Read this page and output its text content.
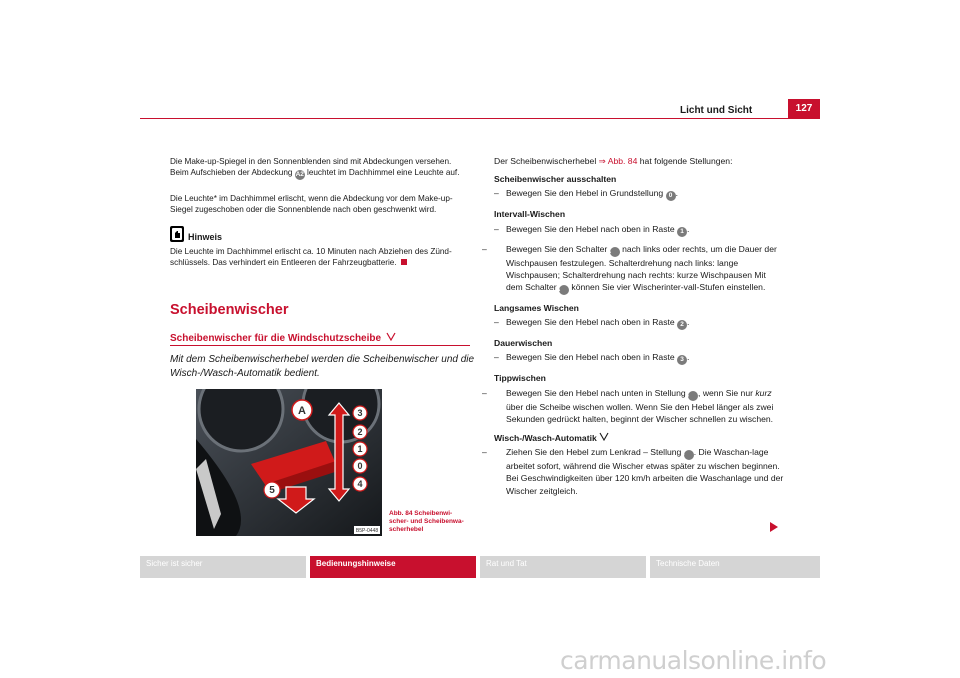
Licht und Sicht	127
Die Make-up-Spiegel in den Sonnenblenden sind mit Abdeckungen versehen. Beim Aufschieben der Abdeckung A2 leuchtet im Dachhimmel eine Leuchte auf.
Die Leuchte* im Dachhimmel erlischt, wenn die Abdeckung vor dem Make-up-Siegel zugeschoben oder die Sonnenblende nach oben geschwenkt wird.
Hinweis
Die Leuchte im Dachhimmel erlischt ca. 10 Minuten nach Abziehen des Zünd-schlüssels. Das verhindert ein Entleeren der Fahrzeugbatterie.
Scheibenwischer
Scheibenwischer für die Windschutzscheibe
Mit dem Scheibenwischerhebel werden die Scheibenwischer und die Wisch-/Wasch-Automatik bedient.
A	3
2
1
0
4
5
B5P-0448
Abb. 84 Scheibenwi-
scher- und Scheibenwa-
scherhebel
Der Scheibenwischerhebel ⇒ Abb. 84 hat folgende Stellungen:
Scheibenwischer ausschalten
– Bewegen Sie den Hebel in Grundstellung 0 .
Intervall-Wischen
– Bewegen Sie den Hebel nach oben in Raste 1 .
– Bewegen Sie den Schalter A nach links oder rechts, um die Dauer der Wischpausen festzulegen. Schalterdrehung nach links: lange Wischpausen; Schalterdrehung nach rechts: kurze Wischpausen Mit dem Schalter A können Sie vier Wischerinter-vall-Stufen einstellen.
Langsames Wischen
– Bewegen Sie den Hebel nach oben in Raste 2 .
Dauerwischen
– Bewegen Sie den Hebel nach oben in Raste 3 .
Tippwischen
– Bewegen Sie den Hebel nach unten in Stellung 4 , wenn Sie nur kurz über die Scheibe wischen wollen. Wenn Sie den Hebel länger als zwei Sekunden gedrückt halten, beginnt der Wischer schnellen zu wischen.
Wisch-/Wasch-Automatik
– Ziehen Sie den Hebel zum Lenkrad – Stellung 5 . Die Waschan-lage arbeitet sofort, während die Wischer etwas später zu wischen beginnen. Bei Geschwindigkeiten über 120 km/h arbeiten die Waschanlage und der Wischer zeitgleich.
Sicher ist sicher	Bedienungshinweise	Rat und Tat	Technische Daten
carmanualsonline.info
